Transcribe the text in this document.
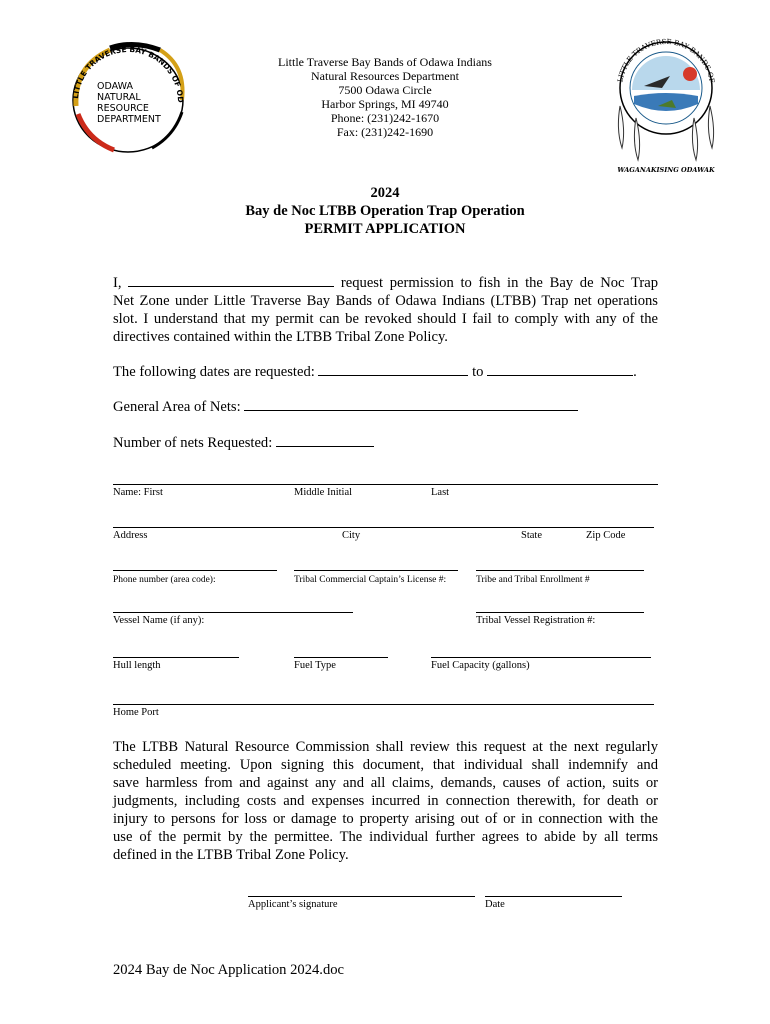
LITTLE TRAVERSE BAY BANDS OF OD
ODAWA
NATURAL
RESOURCE
DEPARTMENT
LITTLE TRAVERSE BAY BANDS OF
WAGANAKISING ODAWAK
Little Traverse Bay Bands of Odawa Indians
Natural Resources Department
7500 Odawa Circle
Harbor Springs, MI 49740
Phone: (231)242-1670
Fax: (231)242-1690
2024
Bay de Noc LTBB Operation Trap Operation
PERMIT APPLICATION
I,	request permission to fish in the Bay de Noc Trap
Net Zone under Little Traverse Bay Bands of Odawa Indians (LTBB) Trap net operations
slot. I understand that my permit can be revoked should I fail to comply with any of the
directives contained within the LTBB Tribal Zone Policy.
The following dates are requested:	to	.
General Area of Nets:
Number of nets Requested:
Name: First	Middle Initial	Last
Address	City	State	Zip Code
Phone number (area code):	Tribal Commercial Captain’s License #:	Tribe and Tribal Enrollment #
Vessel Name (if any):	Tribal Vessel Registration #:
Hull length	Fuel Type	Fuel Capacity (gallons)
Home Port
The LTBB Natural Resource Commission shall review this request at the next regularly
scheduled meeting. Upon signing this document, that individual shall indemnify and
save harmless from and against any and all claims, demands, causes of action, suits or
judgments, including costs and expenses incurred in connection therewith, for death or
injury to persons for loss or damage to property arising out of or in connection with the
use of the permit by the permittee. The individual further agrees to abide by all terms
defined in the LTBB Tribal Zone Policy.
Applicant’s signature	Date
2024 Bay de Noc Application 2024.doc
